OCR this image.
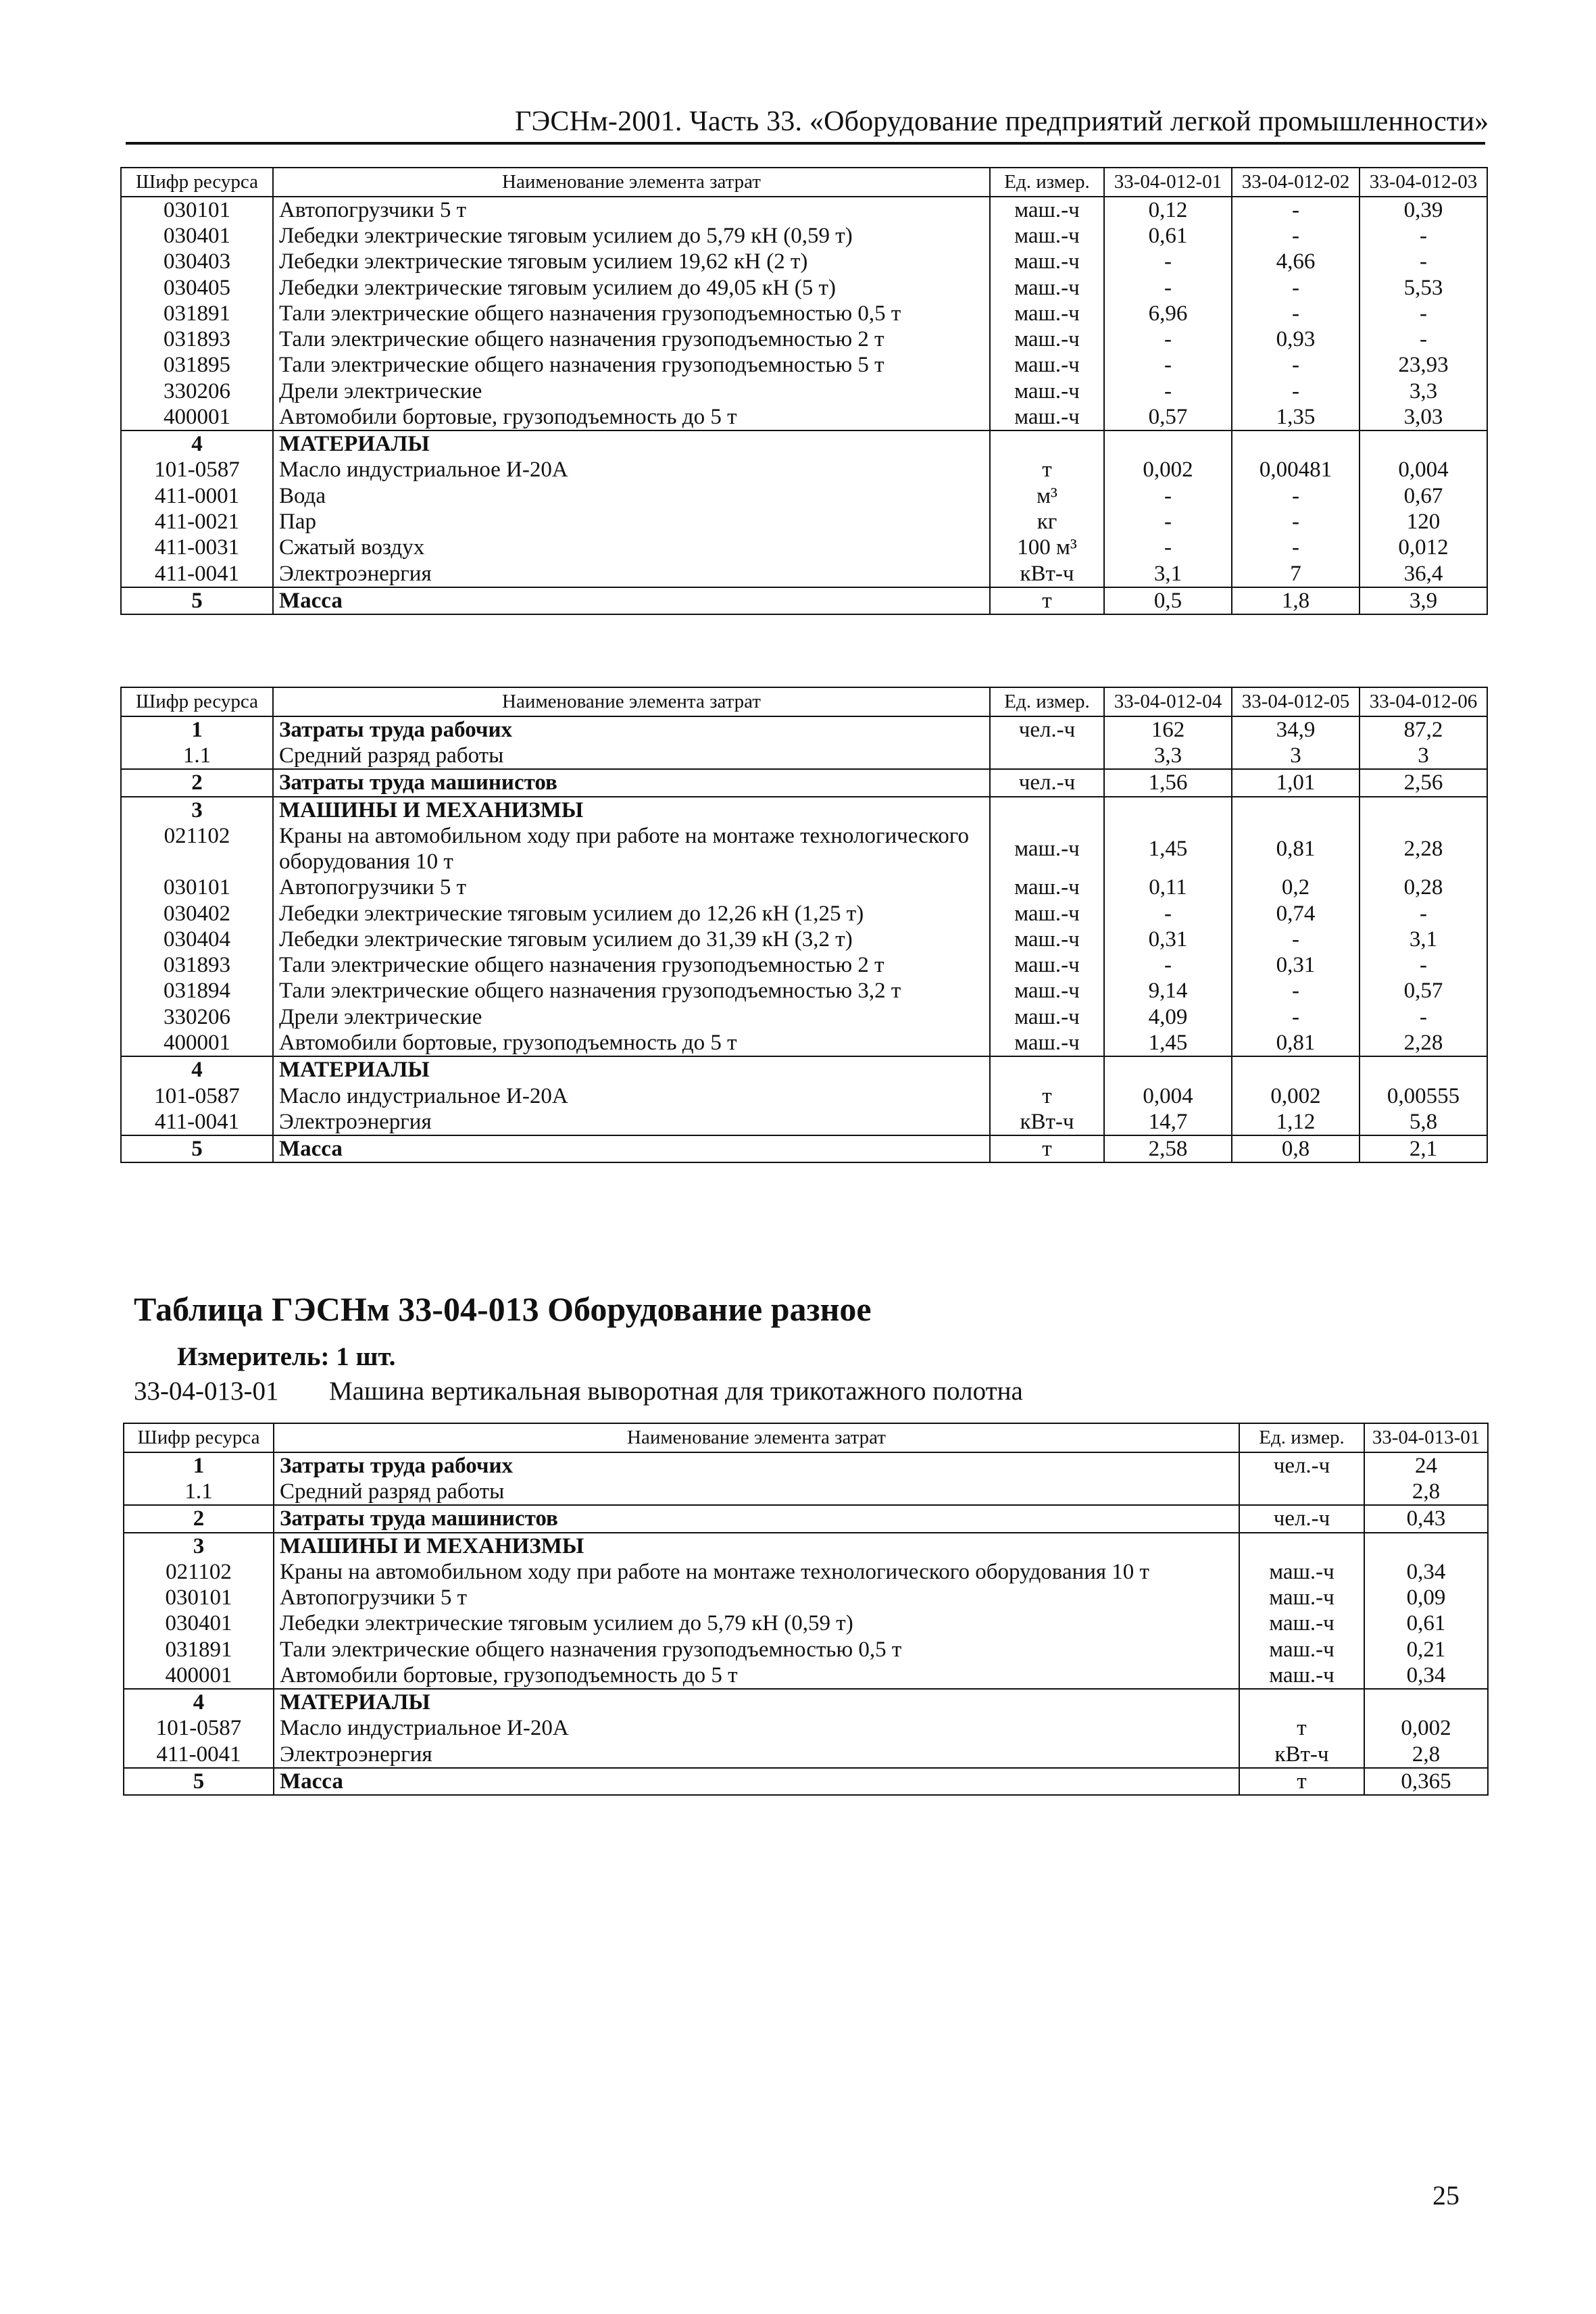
ГЭСНм-2001. Часть 33. «Оборудование предприятий легкой промышленности»
Шифр ресурса	Наименование элемента затрат	Ед. измер.	33-04-012-01	33-04-012-02	33-04-012-03
030101	Автопогрузчики 5 т	маш.-ч	0,12	-	0,39
030401	Лебедки электрические тяговым усилием до 5,79 кН (0,59 т)	маш.-ч	0,61	-	-
030403	Лебедки электрические тяговым усилием 19,62 кН (2 т)	маш.-ч	-	4,66	-
030405	Лебедки электрические тяговым усилием до 49,05 кН (5 т)	маш.-ч	-	-	5,53
031891	Тали электрические общего назначения грузоподъемностью 0,5 т	маш.-ч	6,96	-	-
031893	Тали электрические общего назначения грузоподъемностью 2 т	маш.-ч	-	0,93	-
031895	Тали электрические общего назначения грузоподъемностью 5 т	маш.-ч	-	-	23,93
330206	Дрели электрические	маш.-ч	-	-	3,3
400001	Автомобили бортовые, грузоподъемность до 5 т	маш.-ч	0,57	1,35	3,03
4	МАТЕРИАЛЫ				
101-0587	Масло индустриальное И-20А	т	0,002	0,00481	0,004
411-0001	Вода	м³	-	-	0,67
411-0021	Пар	кг	-	-	120
411-0031	Сжатый воздух	100 м³	-	-	0,012
411-0041	Электроэнергия	кВт-ч	3,1	7	36,4
5	Масса	т	0,5	1,8	3,9
Шифр ресурса	Наименование элемента затрат	Ед. измер.	33-04-012-04	33-04-012-05	33-04-012-06
1	Затраты труда рабочих	чел.-ч	162	34,9	87,2
1.1	Средний разряд работы		3,3	3	3
2	Затраты труда машинистов	чел.-ч	1,56	1,01	2,56
3	МАШИНЫ И МЕХАНИЗМЫ				
021102	Краны на автомобильном ходу при работе на монтаже технологического оборудования 10 т	маш.-ч	1,45	0,81	2,28
030101	Автопогрузчики 5 т	маш.-ч	0,11	0,2	0,28
030402	Лебедки электрические тяговым усилием до 12,26 кН (1,25 т)	маш.-ч	-	0,74	-
030404	Лебедки электрические тяговым усилием до 31,39 кН (3,2 т)	маш.-ч	0,31	-	3,1
031893	Тали электрические общего назначения грузоподъемностью 2 т	маш.-ч	-	0,31	-
031894	Тали электрические общего назначения грузоподъемностью 3,2 т	маш.-ч	9,14	-	0,57
330206	Дрели электрические	маш.-ч	4,09	-	-
400001	Автомобили бортовые, грузоподъемность до 5 т	маш.-ч	1,45	0,81	2,28
4	МАТЕРИАЛЫ				
101-0587	Масло индустриальное И-20А	т	0,004	0,002	0,00555
411-0041	Электроэнергия	кВт-ч	14,7	1,12	5,8
5	Масса	т	2,58	0,8	2,1
Таблица ГЭСНм 33-04-013 Оборудование разное
Измеритель: 1 шт.
33-04-013-01 Машина вертикальная выворотная для трикотажного полотна
Шифр ресурса	Наименование элемента затрат	Ед. измер.	33-04-013-01
1	Затраты труда рабочих	чел.-ч	24
1.1	Средний разряд работы		2,8
2	Затраты труда машинистов	чел.-ч	0,43
3	МАШИНЫ И МЕХАНИЗМЫ		
021102	Краны на автомобильном ходу при работе на монтаже технологического оборудования 10 т	маш.-ч	0,34
030101	Автопогрузчики 5 т	маш.-ч	0,09
030401	Лебедки электрические тяговым усилием до 5,79 кН (0,59 т)	маш.-ч	0,61
031891	Тали электрические общего назначения грузоподъемностью 0,5 т	маш.-ч	0,21
400001	Автомобили бортовые, грузоподъемность до 5 т	маш.-ч	0,34
4	МАТЕРИАЛЫ		
101-0587	Масло индустриальное И-20А	т	0,002
411-0041	Электроэнергия	кВт-ч	2,8
5	Масса	т	0,365
25
